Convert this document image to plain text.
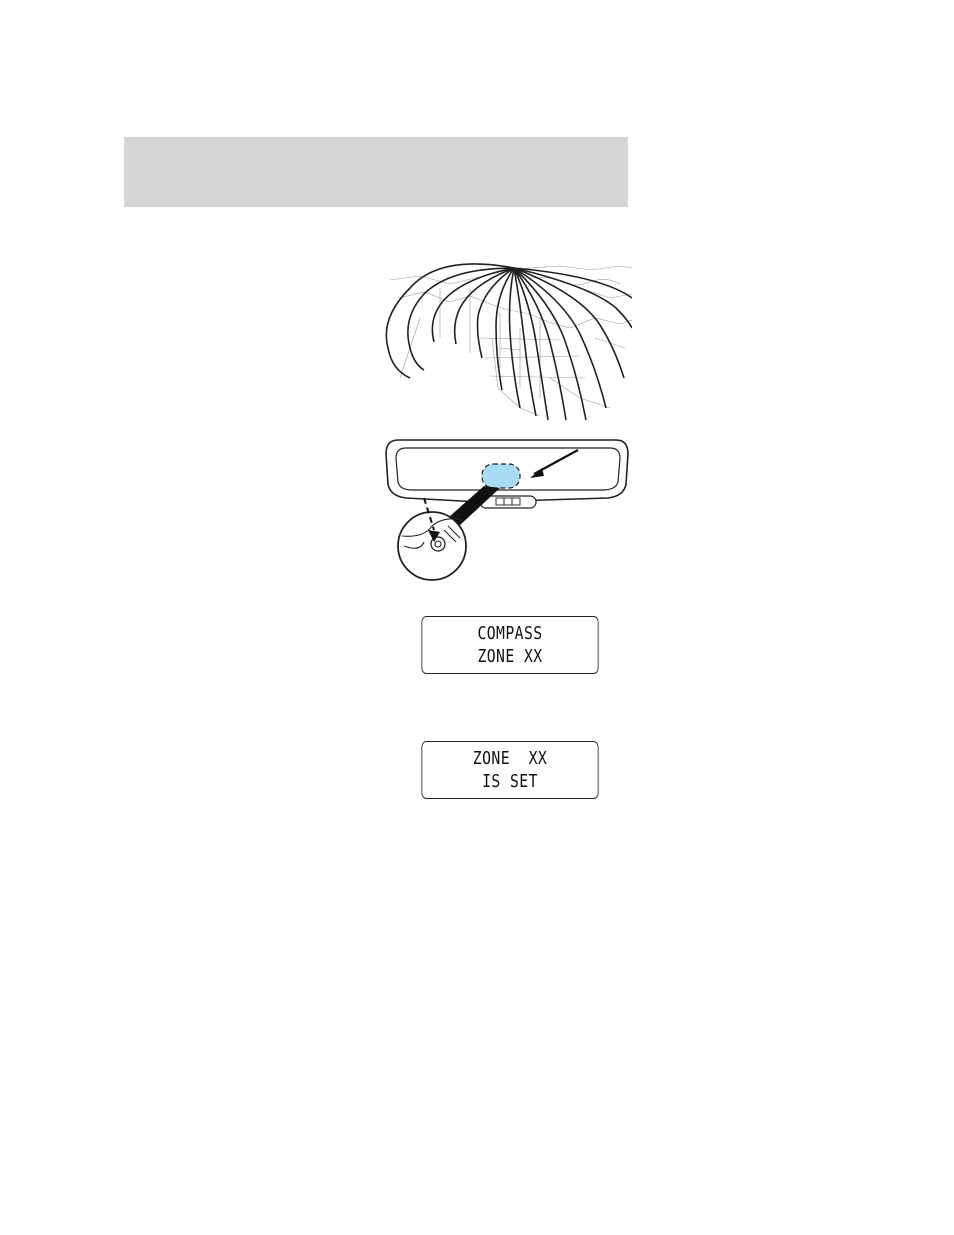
COMPASS
ZONE XX
ZONE  XX
IS SET
